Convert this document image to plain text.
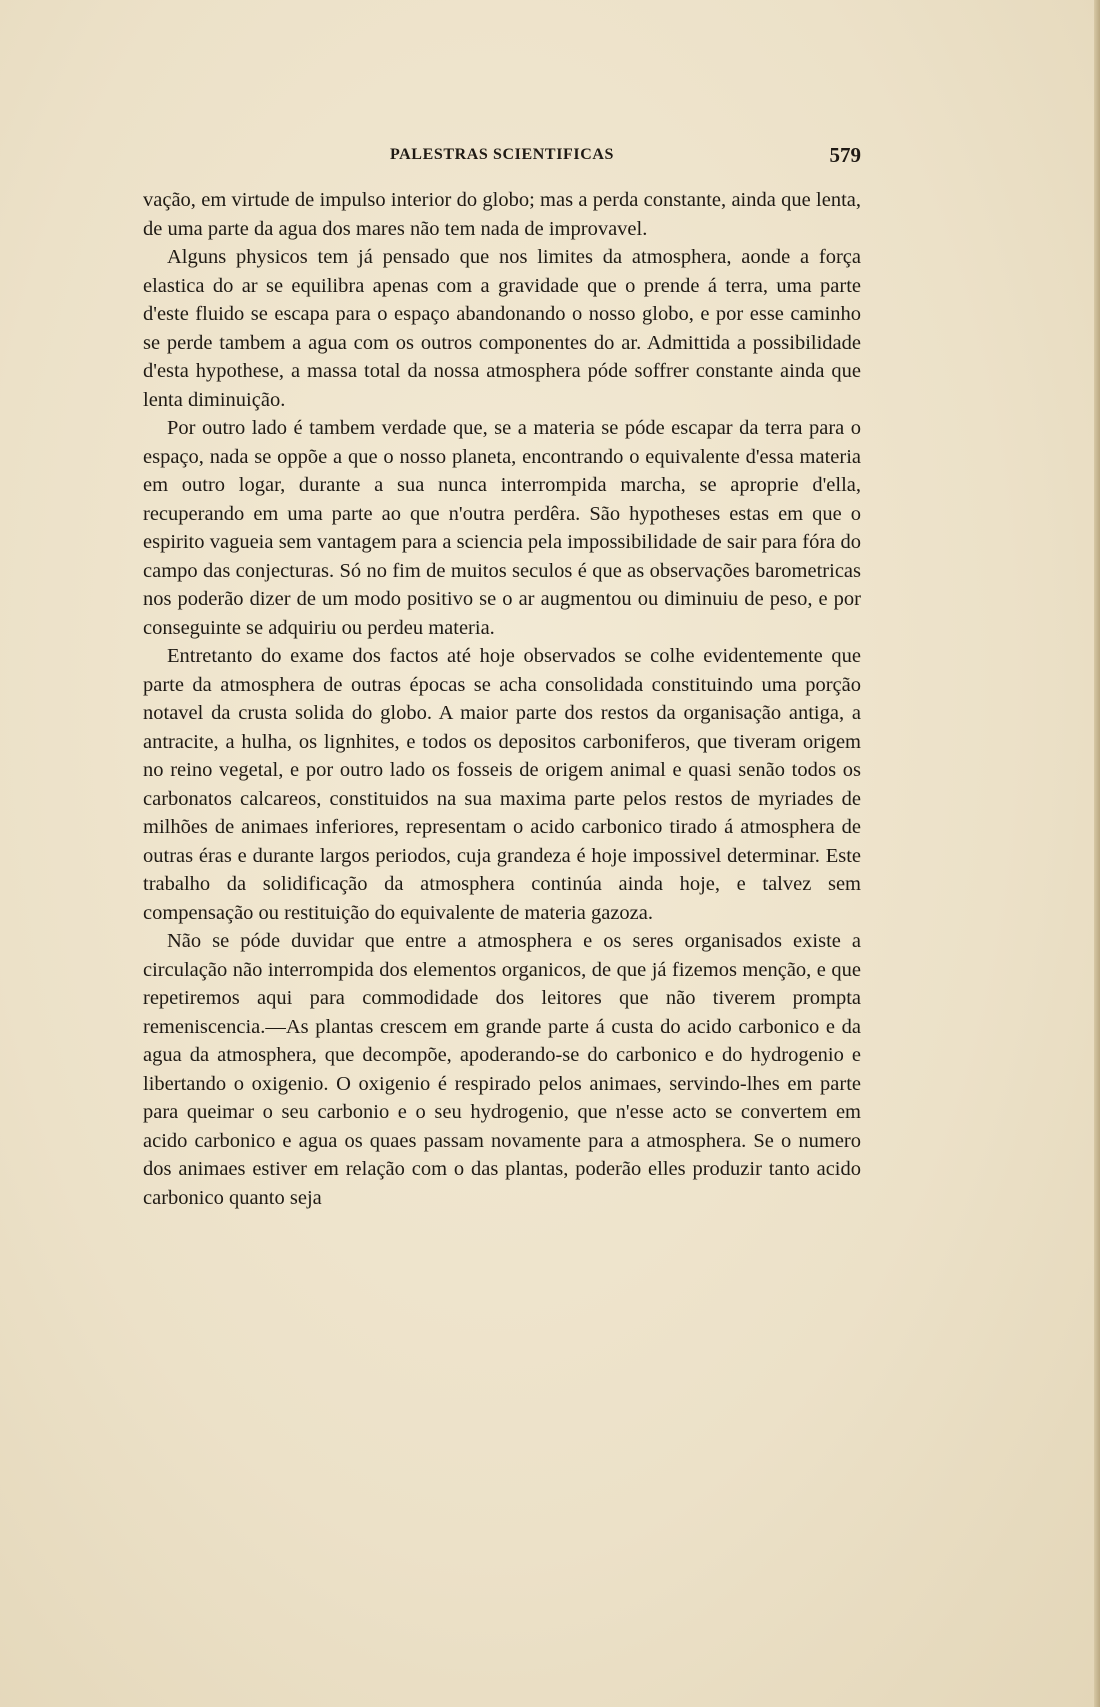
PALESTRAS SCIENTIFICAS	579

vação, em virtude de impulso interior do globo; mas a perda constante, ainda que lenta, de uma parte da agua dos mares não tem nada de improvavel.

Alguns physicos tem já pensado que nos limites da atmosphera, aonde a força elastica do ar se equilibra apenas com a gravidade que o prende á terra, uma parte d'este fluido se escapa para o espaço abandonando o nosso globo, e por esse caminho se perde tambem a agua com os outros componentes do ar. Admittida a possibilidade d'esta hypothese, a massa total da nossa atmosphera póde soffrer constante ainda que lenta diminuição.

Por outro lado é tambem verdade que, se a materia se póde escapar da terra para o espaço, nada se oppõe a que o nosso planeta, encontrando o equivalente d'essa materia em outro logar, durante a sua nunca interrompida marcha, se aproprie d'ella, recuperando em uma parte ao que n'outra perdêra. São hypotheses estas em que o espirito vagueia sem vantagem para a sciencia pela impossibilidade de sair para fóra do campo das conjecturas. Só no fim de muitos seculos é que as observações barometricas nos poderão dizer de um modo positivo se o ar augmentou ou diminuiu de peso, e por conseguinte se adquiriu ou perdeu materia.

Entretanto do exame dos factos até hoje observados se colhe evidentemente que parte da atmosphera de outras épocas se acha consolidada constituindo uma porção notavel da crusta solida do globo. A maior parte dos restos da organisação antiga, a antracite, a hulha, os lignhites, e todos os depositos carboniferos, que tiveram origem no reino vegetal, e por outro lado os fosseis de origem animal e quasi senão todos os carbonatos calcareos, constituidos na sua maxima parte pelos restos de myriades de milhões de animaes inferiores, representam o acido carbonico tirado á atmosphera de outras éras e durante largos periodos, cuja grandeza é hoje impossivel determinar. Este trabalho da solidificação da atmosphera continúa ainda hoje, e talvez sem compensação ou restituição do equivalente de materia gazoza.

Não se póde duvidar que entre a atmosphera e os seres organisados existe a circulação não interrompida dos elementos organicos, de que já fizemos menção, e que repetiremos aqui para commodidade dos leitores que não tiverem prompta remeniscencia.—As plantas crescem em grande parte á custa do acido carbonico e da agua da atmosphera, que decompõe, apoderando-se do carbonico e do hydrogenio e libertando o oxigenio. O oxigenio é respirado pelos animaes, servindo-lhes em parte para queimar o seu carbonio e o seu hydrogenio, que n'esse acto se convertem em acido carbonico e agua os quaes passam novamente para a atmosphera. Se o numero dos animaes estiver em relação com o das plantas, poderão elles produzir tanto acido carbonico quanto seja
